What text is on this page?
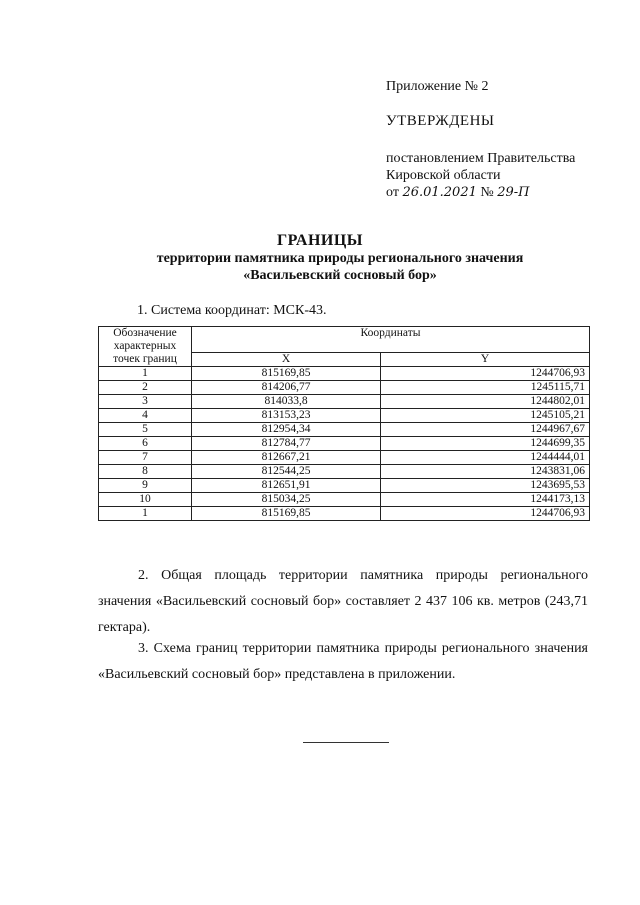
Приложение № 2
УТВЕРЖДЕНЫ
постановлением Правительства
Кировской области
от 26.01.2021 № 29-П
ГРАНИЦЫ
территории памятника природы регионального значения
«Васильевский сосновый бор»
1. Система координат: МСК-43.
Обозначение характерных точек границ	Координаты	
	X	Y
1	815169,85	1244706,93
2	814206,77	1245115,71
3	814033,8	1244802,01
4	813153,23	1245105,21
5	812954,34	1244967,67
6	812784,77	1244699,35
7	812667,21	1244444,01
8	812544,25	1243831,06
9	812651,91	1243695,53
10	815034,25	1244173,13
1	815169,85	1244706,93

2. Общая площадь территории памятника природы регионального значения «Васильевский сосновый бор» составляет 2 437 106 кв. метров (243,71 гектара).

3. Схема границ территории памятника природы регионального значения «Васильевский сосновый бор» представлена в приложении.
